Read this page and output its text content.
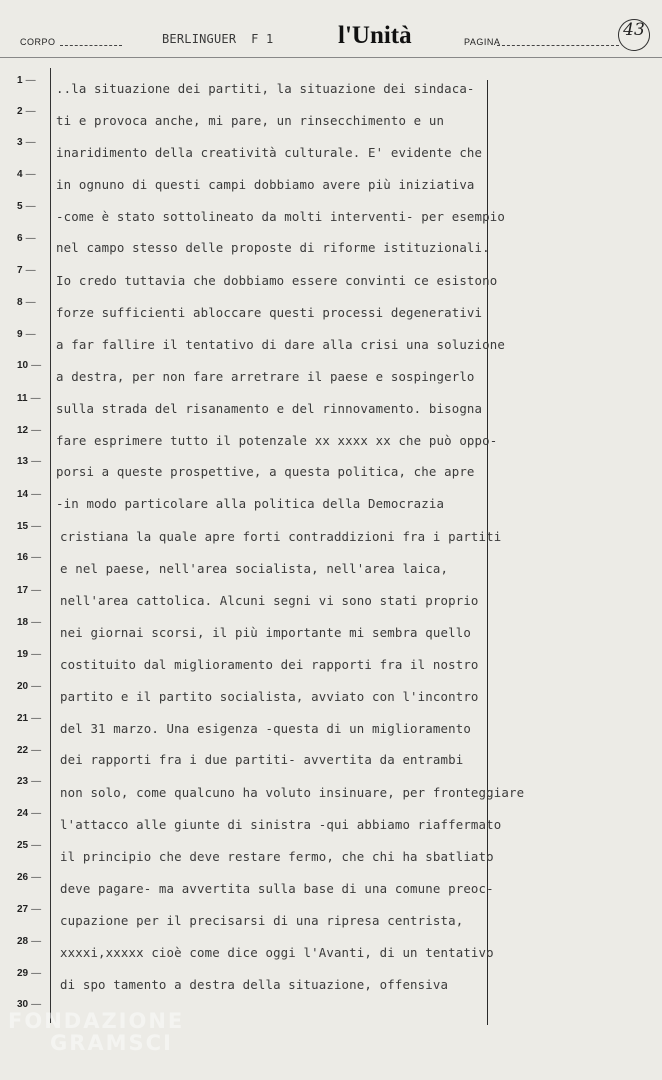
CORPO	BERLINGUER  F 1	l'Unità	PAGINA
43
1 —
2 —
3 —
4 —
5 —
6 —
7 —
8 —
9 —
10 —
11 —
12 —
13 —
14 —
15 —
16 —
17 —
18 —
19 —
20 —
21 —
22 —
23 —
24 —
25 —
26 —
27 —
28 —
29 —
30 —
..la situazione dei partiti, la situazione dei sindaca-
ti e provoca anche, mi pare, un rinsecchimento e un
inaridimento della creatività culturale. E' evidente che
in ognuno di questi campi dobbiamo avere più iniziativa
-come è stato sottolineato da molti interventi- per esempio
nel campo stesso delle proposte di riforme istituzionali.
Io credo tuttavia che dobbiamo essere convinti ce esistono
forze sufficienti abloccare questi processi degenerativi
a far fallire il tentativo di dare alla crisi una soluzione
a destra, per non fare arretrare il paese e sospingerlo
sulla strada del risanamento e del rinnovamento. bisogna
fare esprimere tutto il potenzale xx xxxx xx che può oppo-
porsi a queste prospettive, a questa politica, che apre
-in modo particolare alla politica della Democrazia
cristiana la quale apre forti contraddizioni fra i partiti
e nel paese, nell'area socialista, nell'area laica,
nell'area cattolica. Alcuni segni vi sono stati proprio
nei giornai scorsi, il più importante mi sembra quello
costituito dal miglioramento dei rapporti fra il nostro
partito e il partito socialista, avviato con l'incontro
del 31 marzo. Una esigenza -questa di un miglioramento
dei rapporti fra i due partiti- avvertita da entrambi
non solo, come qualcuno ha voluto insinuare, per fronteggiare
l'attacco alle giunte di sinistra -qui abbiamo riaffermato
il principio che deve restare fermo, che chi ha sbatliato
deve pagare- ma avvertita sulla base di una comune preoc-
cupazione per il precisarsi di una ripresa centrista,
xxxxi,xxxxx cioè come dice oggi l'Avanti, di un tentativo
di spo tamento a destra della situazione, offensiva
FONDAZIONE
GRAMSCI
